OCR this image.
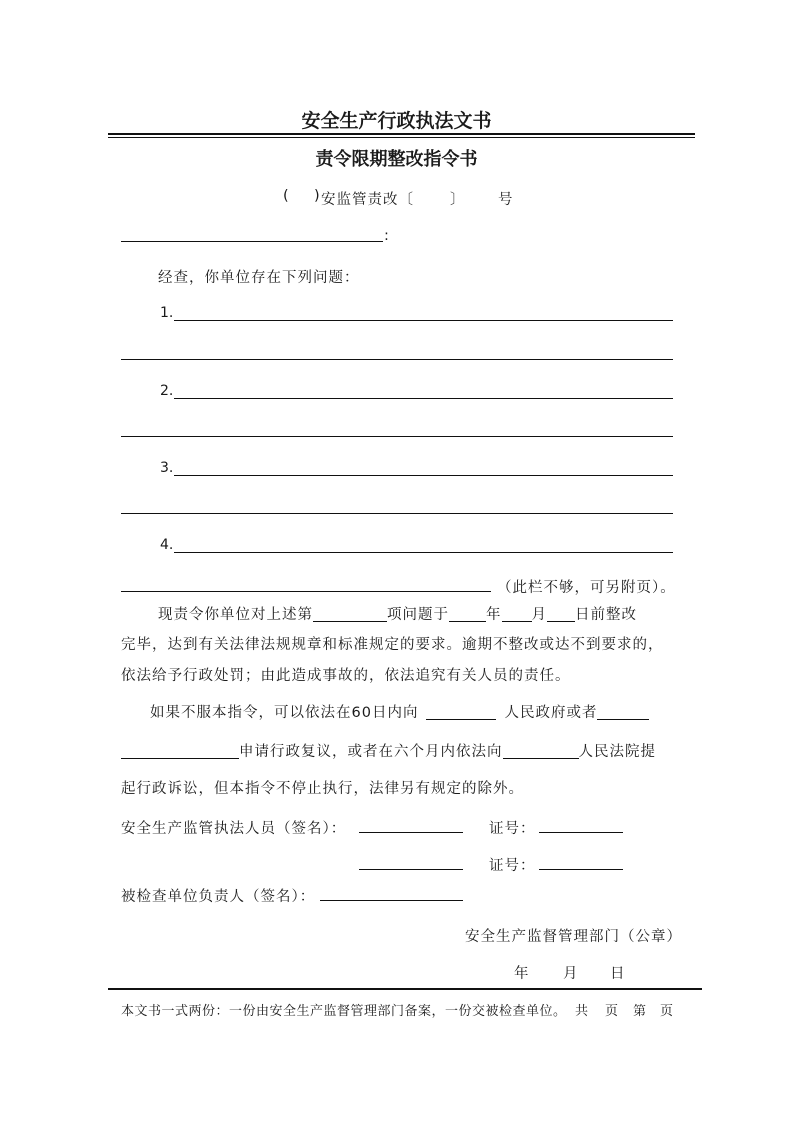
安全生产行政执法文书
责令限期整改指令书
( ) 安监管责改〔 〕 号
:
经查，你单位存在下列问题：
1.
2.
3.
4.
（此栏不够，可另附页）。
现责令你单位对上述第	项问题于	年 月 日前整改
完毕，达到有关法律法规规章和标准规定的要求。逾期不整改或达不到要求的，
依法给予行政处罚；由此造成事故的，依法追究有关人员的责任。
如果不服本指令，可以依法在60日内向	人民政府或者
申请行政复议，或者在六个月内依法向	人民法院提
起行政诉讼，但本指令不停止执行，法律另有规定的除外。
安全生产监管执法人员（签名）：	证号：
证号：
被检查单位负责人（签名）：
安全生产监督管理部门（公章）
年 月 日
本文书一式两份：一份由安全生产监督管理部门备案，一份交被检查单位。 共 页 第 页
